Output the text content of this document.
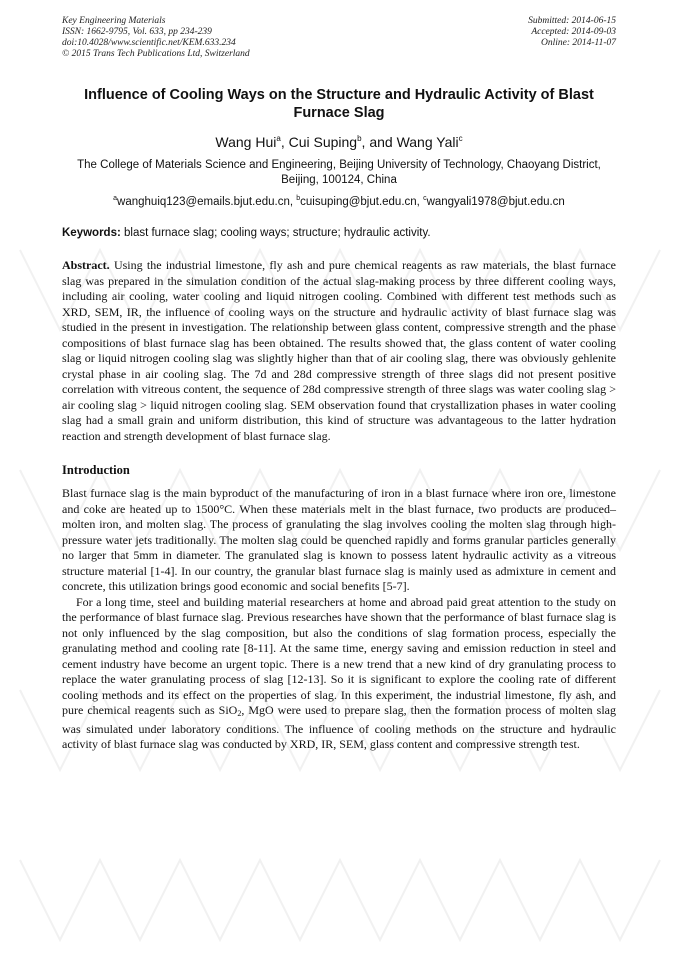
Key Engineering Materials
ISSN: 1662-9795, Vol. 633, pp 234-239
doi:10.4028/www.scientific.net/KEM.633.234
© 2015 Trans Tech Publications Ltd, Switzerland
Submitted: 2014-06-15
Accepted: 2014-09-03
Online: 2014-11-07
Influence of Cooling Ways on the Structure and Hydraulic Activity of Blast Furnace Slag
Wang Hui$^a$, Cui Suping$^b$, and Wang Yali$^c$
The College of Materials Science and Engineering, Beijing University of Technology, Chaoyang District, Beijing, 100124, China
$^a$wanghuiq123@emails.bjut.edu.cn, $^b$cuisuping@bjut.edu.cn, $^c$wangyali1978@bjut.edu.cn
Keywords: blast furnace slag; cooling ways; structure; hydraulic activity.
Abstract. Using the industrial limestone, fly ash and pure chemical reagents as raw materials, the blast furnace slag was prepared in the simulation condition of the actual slag-making process by three different cooling ways, including air cooling, water cooling and liquid nitrogen cooling. Combined with different test methods such as XRD, SEM, IR, the influence of cooling ways on the structure and hydraulic activity of blast furnace slag was studied in the present in investigation. The relationship between glass content, compressive strength and the phase compositions of blast furnace slag has been obtained. The results showed that, the glass content of water cooling slag or liquid nitrogen cooling slag was slightly higher than that of air cooling slag, there was obviously gehlenite crystal phase in air cooling slag. The 7d and 28d compressive strength of three slags did not present positive correlation with vitreous content, the sequence of 28d compressive strength of three slags was water cooling slag > air cooling slag > liquid nitrogen cooling slag. SEM observation found that crystallization phases in water cooling slag had a small grain and uniform distribution, this kind of structure was advantageous to the latter hydration reaction and strength development of blast furnace slag.
Introduction

Blast furnace slag is the main byproduct of the manufacturing of iron in a blast furnace where iron ore, limestone and coke are heated up to 1500°C. When these materials melt in the blast furnace, two products are produced–molten iron, and molten slag. The process of granulating the slag involves cooling the molten slag through high-pressure water jets traditionally. The molten slag could be quenched rapidly and forms granular particles generally no larger that 5mm in diameter. The granulated slag is known to possess latent hydraulic activity as a vitreous structure material [1-4]. In our country, the granular blast furnace slag is mainly used as admixture in cement and concrete, this utilization brings good economic and social benefits [5-7].

For a long time, steel and building material researchers at home and abroad paid great attention to the study on the performance of blast furnace slag. Previous researches have shown that the performance of blast furnace slag is not only influenced by the slag composition, but also the conditions of slag formation process, especially the granulating method and cooling rate [8-11]. At the same time, energy saving and emission reduction in steel and cement industry have become an urgent topic. There is a new trend that a new kind of dry granulating process to replace the water granulating process of slag [12-13]. So it is significant to explore the cooling rate of different cooling methods and its effect on the properties of slag. In this experiment, the industrial limestone, fly ash, and pure chemical reagents such as SiO$_2$, MgO were used to prepare slag, then the formation process of molten slag was simulated under laboratory conditions. The influence of cooling methods on the structure and hydraulic activity of blast furnace slag was conducted by XRD, IR, SEM, glass content and compressive strength test.
